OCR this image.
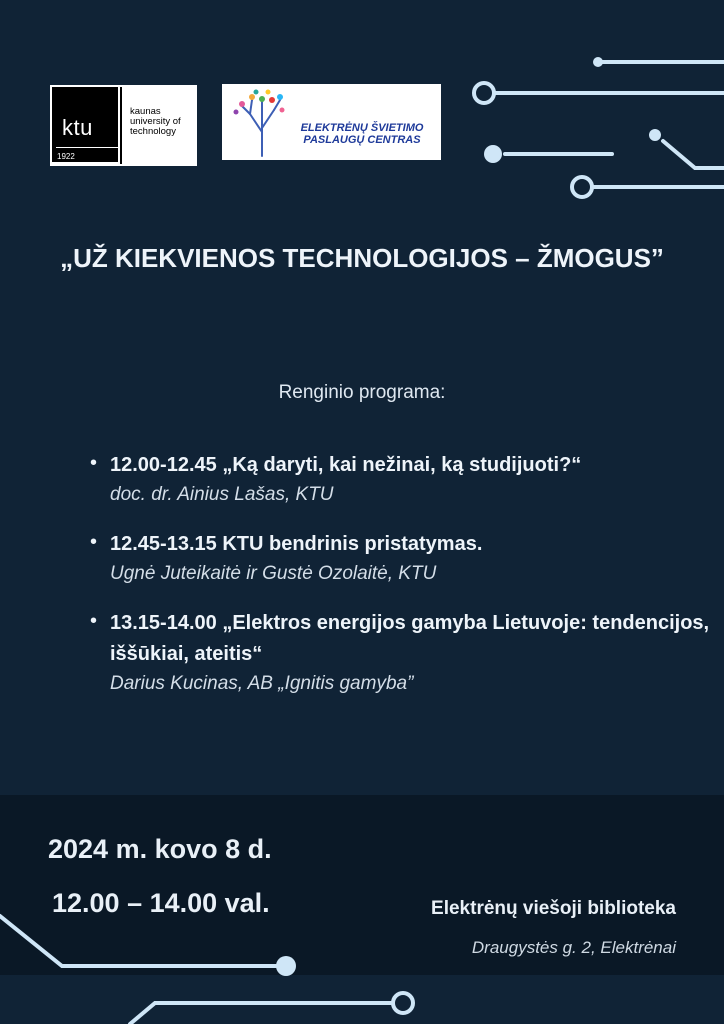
ktu
1922
kaunas
university of
technology	ELEKTRĖNŲ ŠVIETIMO
PASLAUGŲ CENTRAS
„UŽ KIEKVIENOS TECHNOLOGIJOS – ŽMOGUS”
Renginio programa:
• 12.00-12.45 „Ką daryti, kai nežinai, ką studijuoti?“
doc. dr. Ainius Lašas, KTU
• 12.45-13.15 KTU bendrinis pristatymas.
Ugnė Juteikaitė ir Gustė Ozolaitė, KTU
• 13.15-14.00 „Elektros energijos gamyba Lietuvoje: tendencijos, iššūkiai, ateitis“
Darius Kucinas, AB „Ignitis gamyba”
2024 m. kovo 8 d.
12.00 – 14.00 val.	Elektrėnų viešoji biblioteka
Draugystės g. 2, Elektrėnai
